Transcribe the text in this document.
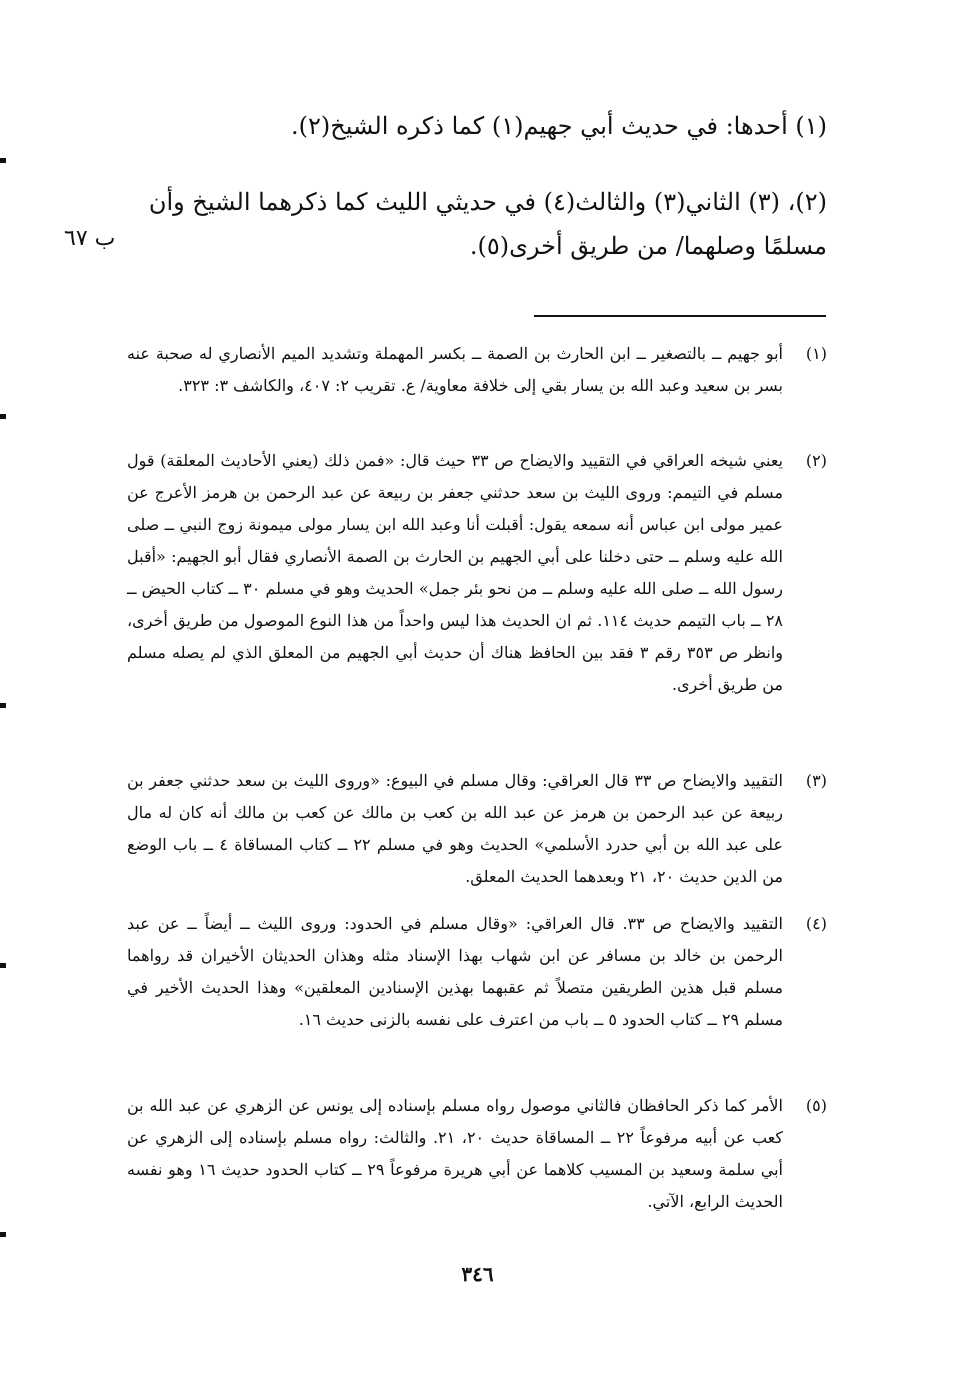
(١) أحدها: في حديث أبي جهيم(١) كما ذكره الشيخ(٢).
(٢)، (٣) الثاني(٣) والثالث(٤) في حديثي الليث كما ذكرهما الشيخ وأن مسلمًا وصلهما/ من طريق أخرى(٥).
ب ٦٧
(١)
أبو جهيم ــ بالتصغير ــ ابن الحارث بن الصمة ــ بكسر المهملة وتشديد الميم الأنصاري له صحبة عنه بسر بن سعيد وعبد الله بن يسار بقي إلى خلافة معاوية/ ع. تقريب ٢: ٤٠٧، والكاشف ٣: ٣٢٣.
(٢)
يعني شيخه العراقي في التقييد والايضاح ص ٣٣ حيث قال: «فمن ذلك (يعني الأحاديث المعلقة) قول مسلم في التيمم: وروى الليث بن سعد حدثني جعفر بن ربيعة عن عبد الرحمن بن هرمز الأعرج عن عمير مولى ابن عباس أنه سمعه يقول: أقبلت أنا وعبد الله ابن يسار مولى ميمونة زوج النبي ــ صلى الله عليه وسلم ــ حتى دخلنا على أبي الجهيم بن الحارث بن الصمة الأنصاري فقال أبو الجهيم: «أقبل رسول الله ــ صلى الله عليه وسلم ــ من نحو بئر جمل» الحديث وهو في مسلم ٣٠ ــ كتاب الحيض ــ ٢٨ ــ باب التيمم حديث ١١٤. ثم ان الحديث هذا ليس واحداً من هذا النوع الموصول من طريق أخرى، وانظر ص ٣٥٣ رقم ٣ فقد بين الحافظ هناك أن حديث أبي الجهيم من المعلق الذي لم يصله مسلم من طريق أخرى.
(٣)
التقييد والايضاح ص ٣٣ قال العراقي: وقال مسلم في البيوع: «وروى الليث بن سعد حدثني جعفر بن ربيعة عن عبد الرحمن بن هرمز عن عبد الله بن كعب بن مالك عن كعب بن مالك أنه كان له مال على عبد الله بن أبي حدرد الأسلمي» الحديث وهو في مسلم ٢٢ ــ كتاب المساقاة ٤ ــ باب الوضع من الدين حديث ٢٠، ٢١ وبعدهما الحديث المعلق.
(٤)
التقييد والايضاح ص ٣٣. قال العراقي: «وقال مسلم في الحدود: وروى الليث ــ أيضاً ــ عن عبد الرحمن بن خالد بن مسافر عن ابن شهاب بهذا الإسناد مثله وهذان الحديثان الأخيران قد رواهما مسلم قبل هذين الطريقين متصلاً ثم عقبهما بهذين الإسنادين المعلقين» وهذا الحديث الأخير في مسلم ٢٩ ــ كتاب الحدود ٥ ــ باب من اعترف على نفسه بالزنى حديث ١٦.
(٥)
الأمر كما ذكر الحافظان فالثاني موصول رواه مسلم بإسناده إلى يونس عن الزهري عن عبد الله بن كعب عن أبيه مرفوعاً ٢٢ ــ المساقاة حديث ٢٠، ٢١. والثالث: رواه مسلم بإسناده إلى الزهري عن أبي سلمة وسعيد بن المسيب كلاهما عن أبي هريرة مرفوعاً ٢٩ ــ كتاب الحدود حديث ١٦ وهو نفسه الحديث الرابع، الآتي.
٣٤٦
